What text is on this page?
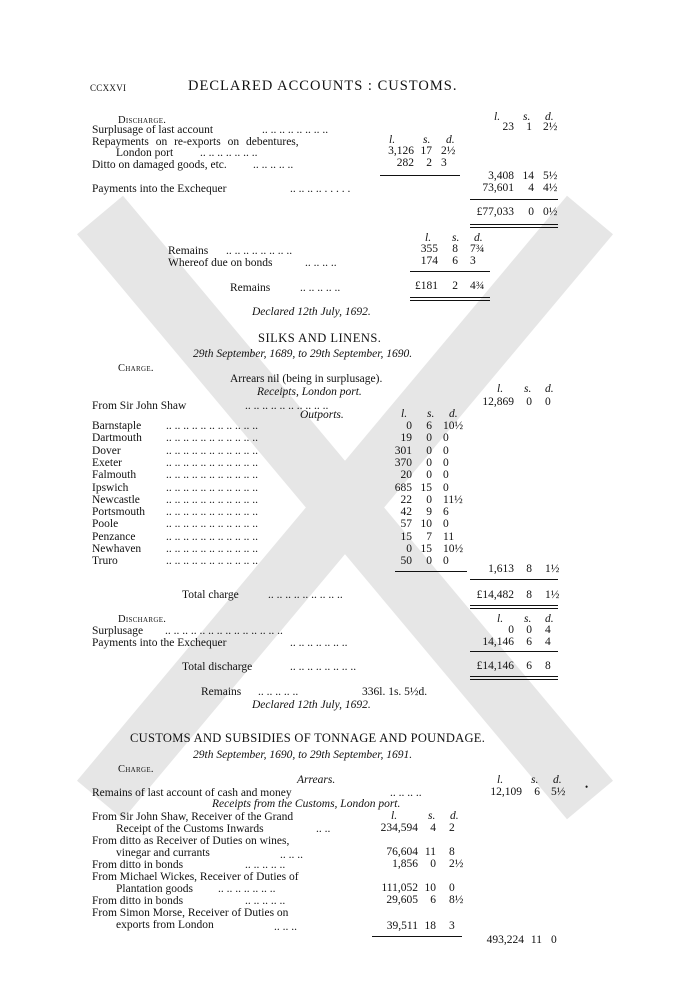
ccxxvi	DECLARED ACCOUNTS : CUSTOMS.
Discharge.	l. s. d.
Surplusage of last account	.. .. .. .. .. .. .. ..	23	1 2½
Repayments on re-exports on debentures,	l. s. d.
London port .. .. .. .. .. .. ..	3,126 17 2½
Ditto on damaged goods, etc. .. .. .. .. ..	282	2 3
3,408 14 5½
Payments into the Exchequer	.. .. .. .. . . . . .	73,601	4 4½
£77,033	0 0½
l. s. d.
Remains .. .. .. .. .. .. .. ..	355	8 7¾
Whereof due on bonds	.. .. .. ..	174	6 3
Remains	.. .. .. .. ..	£181	2 4¾
Declared 12th July, 1692.
SILKS AND LINENS.
29th September, 1689, to 29th September, 1690.
Charge.
Arrears nil (being in surplusage).
Receipts, London port.	l. s. d.
From Sir John Shaw	.. .. .. .. .. .. .. .. .. ..	12,869	0 0
Outports.	l. s. d.
Barnstaple .. .. .. .. .. .. .. .. .. .. ..	0	6 10½
Dartmouth .. .. .. .. .. .. .. .. .. .. ..	19	0 0
Dover	.. .. .. .. .. .. .. .. .. .. ..	301	0 0
Exeter	.. .. .. .. .. .. .. .. .. .. ..	370	0 0
Falmouth	.. .. .. .. .. .. .. .. .. .. ..	20	0 0
Ipswich	.. .. .. .. .. .. .. .. .. .. ..	685 15 0
Newcastle .. .. .. .. .. .. .. .. .. .. ..	22	0 11½
Portsmouth .. .. .. .. .. .. .. .. .. .. ..	42	9 6
Poole	.. .. .. .. .. .. .. .. .. .. ..	57 10 0
Penzance	.. .. .. .. .. .. .. .. .. .. ..	15	7 11
Newhaven .. .. .. .. .. .. .. .. .. .. ..	0 15 10½
Truro	.. .. .. .. .. .. .. .. .. .. ..	50	0 0
1,613	8 1½
Total charge	.. .. .. .. .. .. .. .. ..	£14,482	8 1½
Discharge.	l. s. d.
Surplusage .. .. .. .. .. .. .. .. .. .. .. .. .. ..	0	0 4
Payments into the Exchequer	.. .. .. .. .. .. ..	14,146	6 4
Total discharge	.. .. .. .. .. .. .. ..	£14,146	6 8
Remains .. .. .. .. ..	336l. 1s. 5½d.
Declared 12th July, 1692.
CUSTOMS AND SUBSIDIES OF TONNAGE AND POUNDAGE.
29th September, 1690, to 29th September, 1691.
Charge.
Arrears.	l. s. d.
Remains of last account of cash and money	.. .. .. ..	12,109	6 5½ •
Receipts from the Customs, London port.
From Sir John Shaw, Receiver of the Grand	l.	s. d.
Receipt of the Customs Inwards	.. ..	234,594	4 2
From ditto as Receiver of Duties on wines,
vinegar and currants	.. .. ..	76,604 11 8
From ditto in bonds	.. .. .. .. ..	1,856	0 2½
From Michael Wickes, Receiver of Duties of
Plantation goods .. .. .. .. .. .. ..	111,052 10 0
From ditto in bonds	.. .. .. .. ..	29,605	6 8½
From Simon Morse, Receiver of Duties on
exports from London	.. .. ..	39,511 18 3
493,224 11 0
